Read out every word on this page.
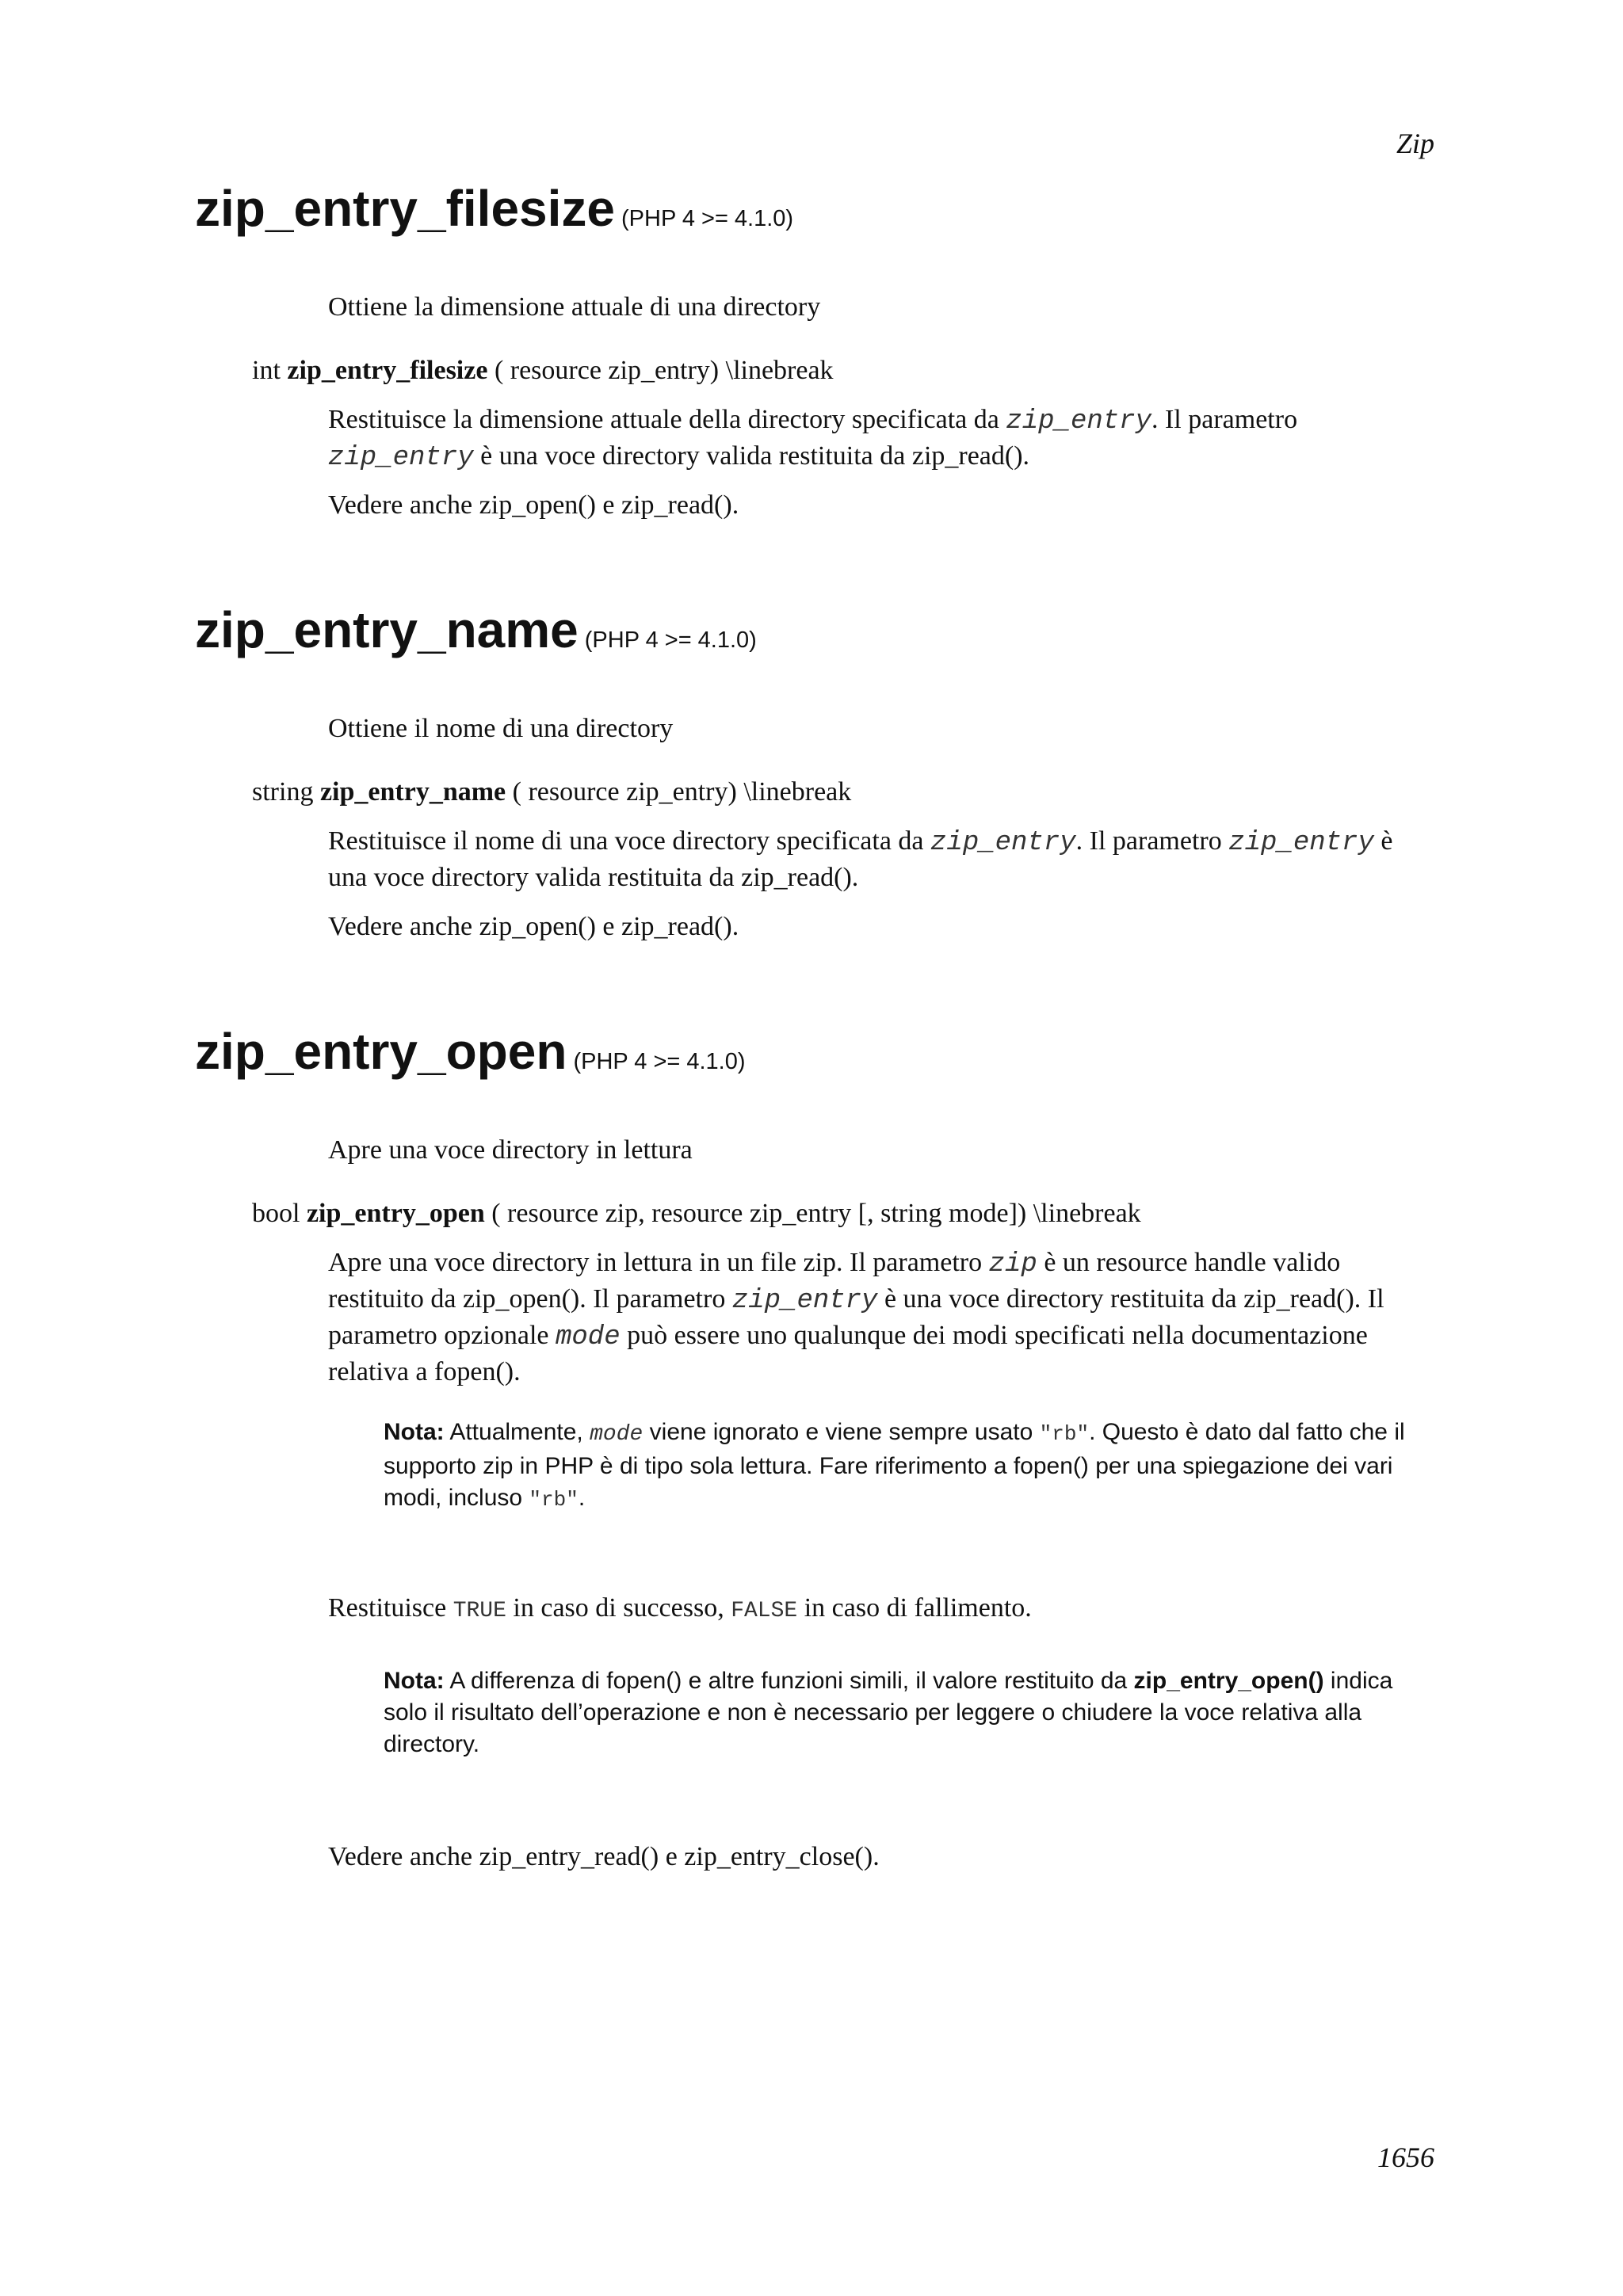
Zip
zip_entry_filesize (PHP 4 >= 4.1.0)
Ottiene la dimensione attuale di una directory
int zip_entry_filesize ( resource zip_entry) \linebreak
Restituisce la dimensione attuale della directory specificata da zip_entry. Il parametro zip_entry è una voce directory valida restituita da zip_read().
Vedere anche zip_open() e zip_read().
zip_entry_name (PHP 4 >= 4.1.0)
Ottiene il nome di una directory
string zip_entry_name ( resource zip_entry) \linebreak
Restituisce il nome di una voce directory specificata da zip_entry. Il parametro zip_entry è una voce directory valida restituita da zip_read().
Vedere anche zip_open() e zip_read().
zip_entry_open (PHP 4 >= 4.1.0)
Apre una voce directory in lettura
bool zip_entry_open ( resource zip, resource zip_entry [, string mode]) \linebreak
Apre una voce directory in lettura in un file zip. Il parametro zip è un resource handle valido restituito da zip_open(). Il parametro zip_entry è una voce directory restituita da zip_read(). Il parametro opzionale mode può essere uno qualunque dei modi specificati nella documentazione relativa a fopen().
Nota: Attualmente, mode viene ignorato e viene sempre usato "rb". Questo è dato dal fatto che il supporto zip in PHP è di tipo sola lettura. Fare riferimento a fopen() per una spiegazione dei vari modi, incluso "rb".
Restituisce TRUE in caso di successo, FALSE in caso di fallimento.
Nota: A differenza di fopen() e altre funzioni simili, il valore restituito da zip_entry_open() indica solo il risultato dell’operazione e non è necessario per leggere o chiudere la voce relativa alla directory.
Vedere anche zip_entry_read() e zip_entry_close().
1656
